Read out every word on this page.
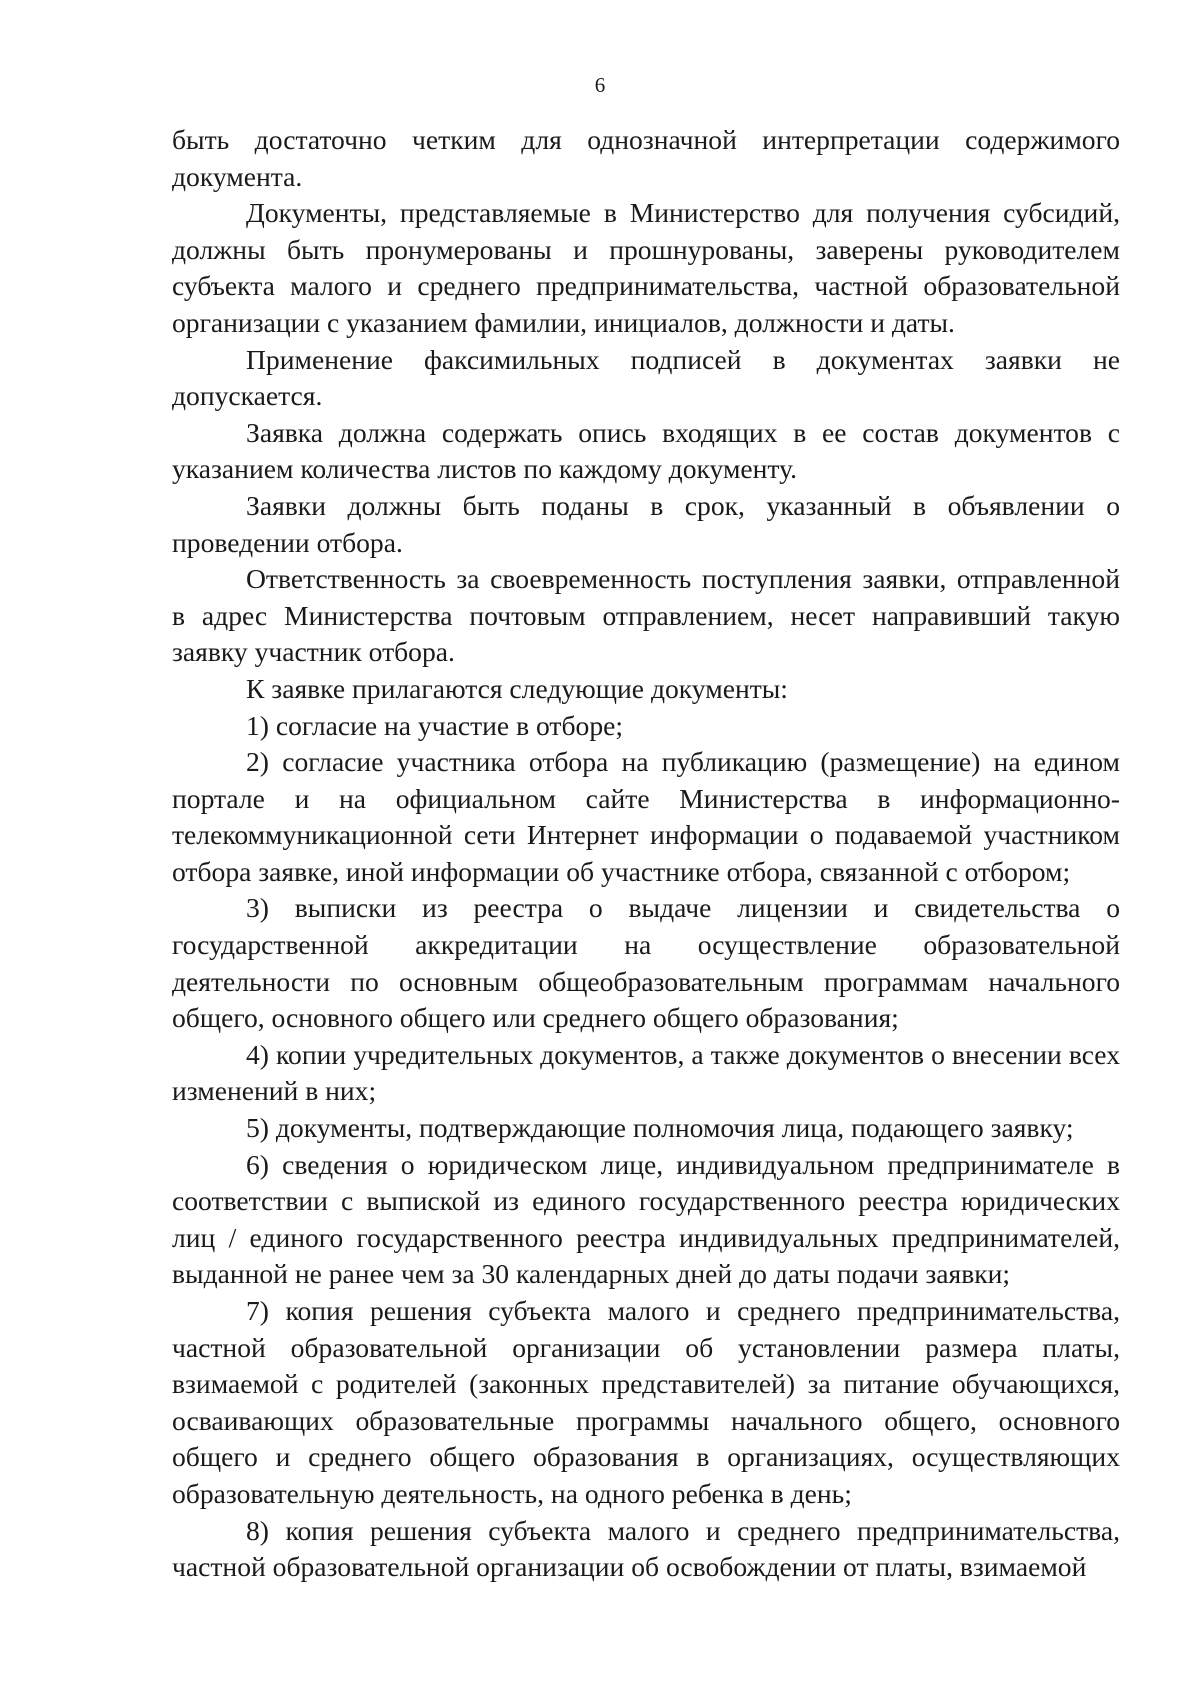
6

быть достаточно четким для однозначной интерпретации содержимого документа.

Документы, представляемые в Министерство для получения субсидий, должны быть пронумерованы и прошнурованы, заверены руководителем субъекта малого и среднего предпринимательства, частной образовательной организации с указанием фамилии, инициалов, должности и даты.

Применение факсимильных подписей в документах заявки не допускается.

Заявка должна содержать опись входящих в ее состав документов с указанием количества листов по каждому документу.

Заявки должны быть поданы в срок, указанный в объявлении о проведении отбора.

Ответственность за своевременность поступления заявки, отправленной в адрес Министерства почтовым отправлением, несет направивший такую заявку участник отбора.

К заявке прилагаются следующие документы:

1) согласие на участие в отборе;

2) согласие участника отбора на публикацию (размещение) на едином портале и на официальном сайте Министерства в информационно-телекоммуникационной сети Интернет информации о подаваемой участником отбора заявке, иной информации об участнике отбора, связанной с отбором;

3) выписки из реестра о выдаче лицензии и свидетельства о государственной аккредитации на осуществление образовательной деятельности по основным общеобразовательным программам начального общего, основного общего или среднего общего образования;

4) копии учредительных документов, а также документов о внесении всех изменений в них;

5) документы, подтверждающие полномочия лица, подающего заявку;

6) сведения о юридическом лице, индивидуальном предпринимателе в соответствии с выпиской из единого государственного реестра юридических лиц / единого государственного реестра индивидуальных предпринимателей, выданной не ранее чем за 30 календарных дней до даты подачи заявки;

7) копия решения субъекта малого и среднего предпринимательства, частной образовательной организации об установлении размера платы, взимаемой с родителей (законных представителей) за питание обучающихся, осваивающих образовательные программы начального общего, основного общего и среднего общего образования в организациях, осуществляющих образовательную деятельность, на одного ребенка в день;

8) копия решения субъекта малого и среднего предпринимательства, частной образовательной организации об освобождении от платы, взимаемой
